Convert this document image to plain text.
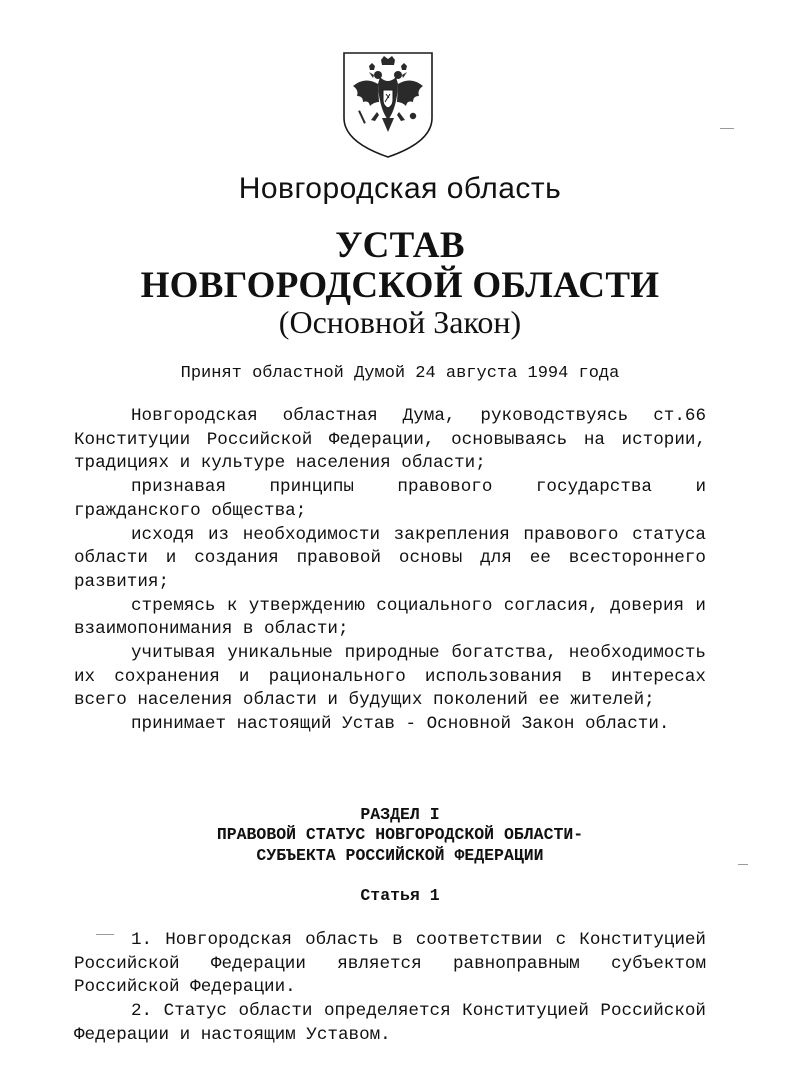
Новгородская область
УСТАВ
НОВГОРОДСКОЙ ОБЛАСТИ
(Основной Закон)
Принят областной Думой 24 августа 1994 года

Новгородская областная Дума, руководствуясь ст.66 Конституции Российской Федерации, основываясь на истории, традициях и культуре населения области;

признавая принципы правового государства и гражданского общества;

исходя из необходимости закрепления правового статуса области и создания правовой основы для ее всестороннего развития;

стремясь к утверждению социального согласия, доверия и взаимопонимания в области;

учитывая уникальные природные богатства, необходимость их сохранения и рационального использования в интересах всего населения области и будущих поколений ее жителей;

принимает настоящий Устав - Основной Закон области.

РАЗДЕЛ I
ПРАВОВОЙ СТАТУС НОВГОРОДСКОЙ ОБЛАСТИ-
СУБЪЕКТА РОССИЙСКОЙ ФЕДЕРАЦИИ
Статья 1

1. Новгородская область в соответствии с Конституцией Российской Федерации является равноправным субъектом Российской Федерации.

2. Статус области определяется Конституцией Российской Федерации и настоящим Уставом.
